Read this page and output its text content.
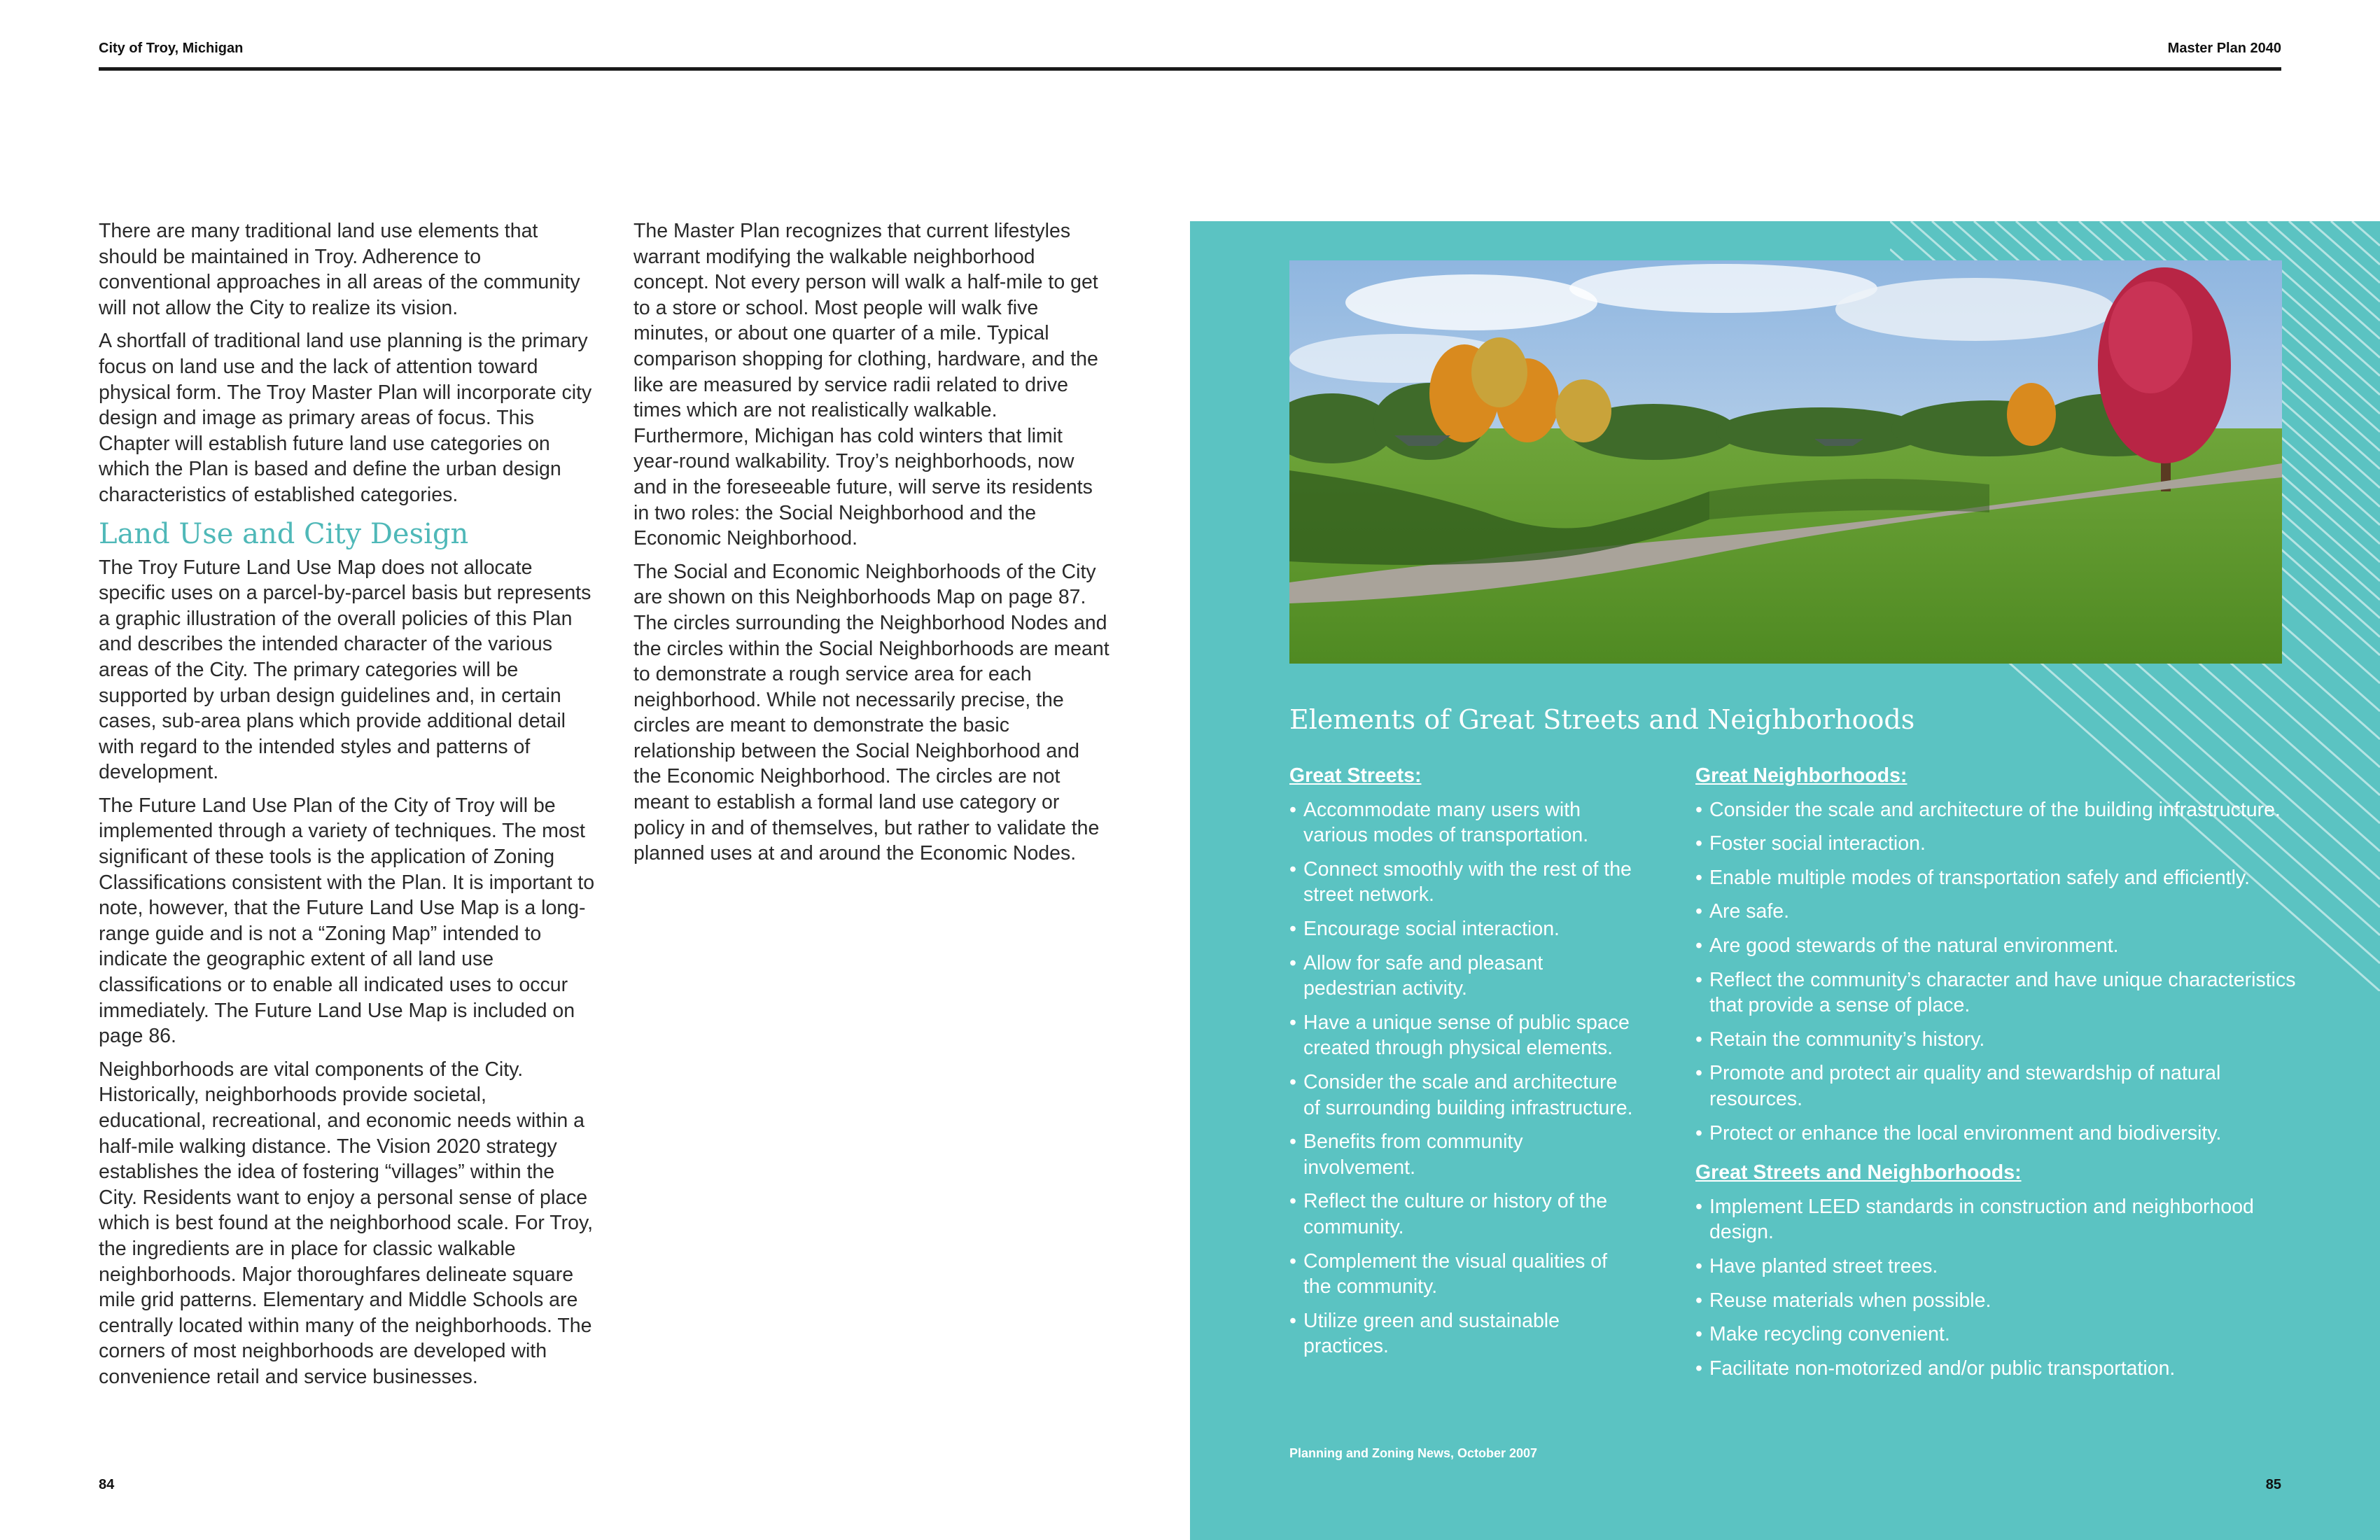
City of Troy, Michigan	Master Plan 2040

There are many traditional land use elements that should be maintained in Troy. Adherence to conventional approaches in all areas of the community will not allow the City to realize its vision.

A shortfall of traditional land use planning is the primary focus on land use and the lack of attention toward physical form. The Troy Master Plan will incorporate city design and image as primary areas of focus. This Chapter will establish future land use categories on which the Plan is based and define the urban design characteristics of established categories.

Land Use and City Design

The Troy Future Land Use Map does not allocate specific uses on a parcel-by-parcel basis but represents a graphic illustration of the overall policies of this Plan and describes the intended character of the various areas of the City. The primary categories will be supported by urban design guidelines and, in certain cases, sub-area plans which provide additional detail with regard to the intended styles and patterns of development.

The Future Land Use Plan of the City of Troy will be implemented through a variety of techniques. The most significant of these tools is the application of Zoning Classifications consistent with the Plan. It is important to note, however, that the Future Land Use Map is a long-range guide and is not a “Zoning Map” intended to indicate the geographic extent of all land use classifications or to enable all indicated uses to occur immediately. The Future Land Use Map is included on page 86.

Neighborhoods are vital components of the City. Historically, neighborhoods provide societal, educational, recreational, and economic needs within a half-mile walking distance. The Vision 2020 strategy establishes the idea of fostering “villages” within the City. Residents want to enjoy a personal sense of place which is best found at the neighborhood scale. For Troy, the ingredients are in place for classic walkable neighborhoods. Major thoroughfares delineate square mile grid patterns. Elementary and Middle Schools are centrally located within many of the neighborhoods. The corners of most neighborhoods are developed with convenience retail and service businesses.

The Master Plan recognizes that current lifestyles warrant modifying the walkable neighborhood concept. Not every person will walk a half-mile to get to a store or school. Most people will walk five minutes, or about one quarter of a mile. Typical comparison shopping for clothing, hardware, and the like are measured by service radii related to drive times which are not realistically walkable. Furthermore, Michigan has cold winters that limit year-round walkability. Troy’s neighborhoods, now and in the foreseeable future, will serve its residents in two roles: the Social Neighborhood and the Economic Neighborhood.

The Social and Economic Neighborhoods of the City are shown on this Neighborhoods Map on page 87. The circles surrounding the Neighborhood Nodes and the circles within the Social Neighborhoods are meant to demonstrate a rough service area for each neighborhood. While not necessarily precise, the circles are meant to demonstrate the basic relationship between the Social Neighborhood and the Economic Neighborhood. The circles are not meant to establish a formal land use category or policy in and of themselves, but rather to validate the planned uses at and around the Economic Nodes.

84
Elements of Great Streets and Neighborhoods
Great Streets:
• Accommodate many users with various modes of transportation.
• Connect smoothly with the rest of the street network.
• Encourage social interaction.
• Allow for safe and pleasant pedestrian activity.
• Have a unique sense of public space created through physical elements.
• Consider the scale and architecture of surrounding building infrastructure.
• Benefits from community involvement.
• Reflect the culture or history of the community.
• Complement the visual qualities of the community.
• Utilize green and sustainable practices.
Great Neighborhoods:
• Consider the scale and architecture of the building infrastructure.
• Foster social interaction.
• Enable multiple modes of transportation safely and efficiently.
• Are safe.
• Are good stewards of the natural environment.
• Reflect the community’s character and have unique characteristics that provide a sense of place.
• Retain the community’s history.
• Promote and protect air quality and stewardship of natural resources.
• Protect or enhance the local environment and biodiversity.
Great Streets and Neighborhoods:
• Implement LEED standards in construction and neighborhood design.
• Have planted street trees.
• Reuse materials when possible.
• Make recycling convenient.
• Facilitate non-motorized and/or public transportation.
Planning and Zoning News, October 2007
85
